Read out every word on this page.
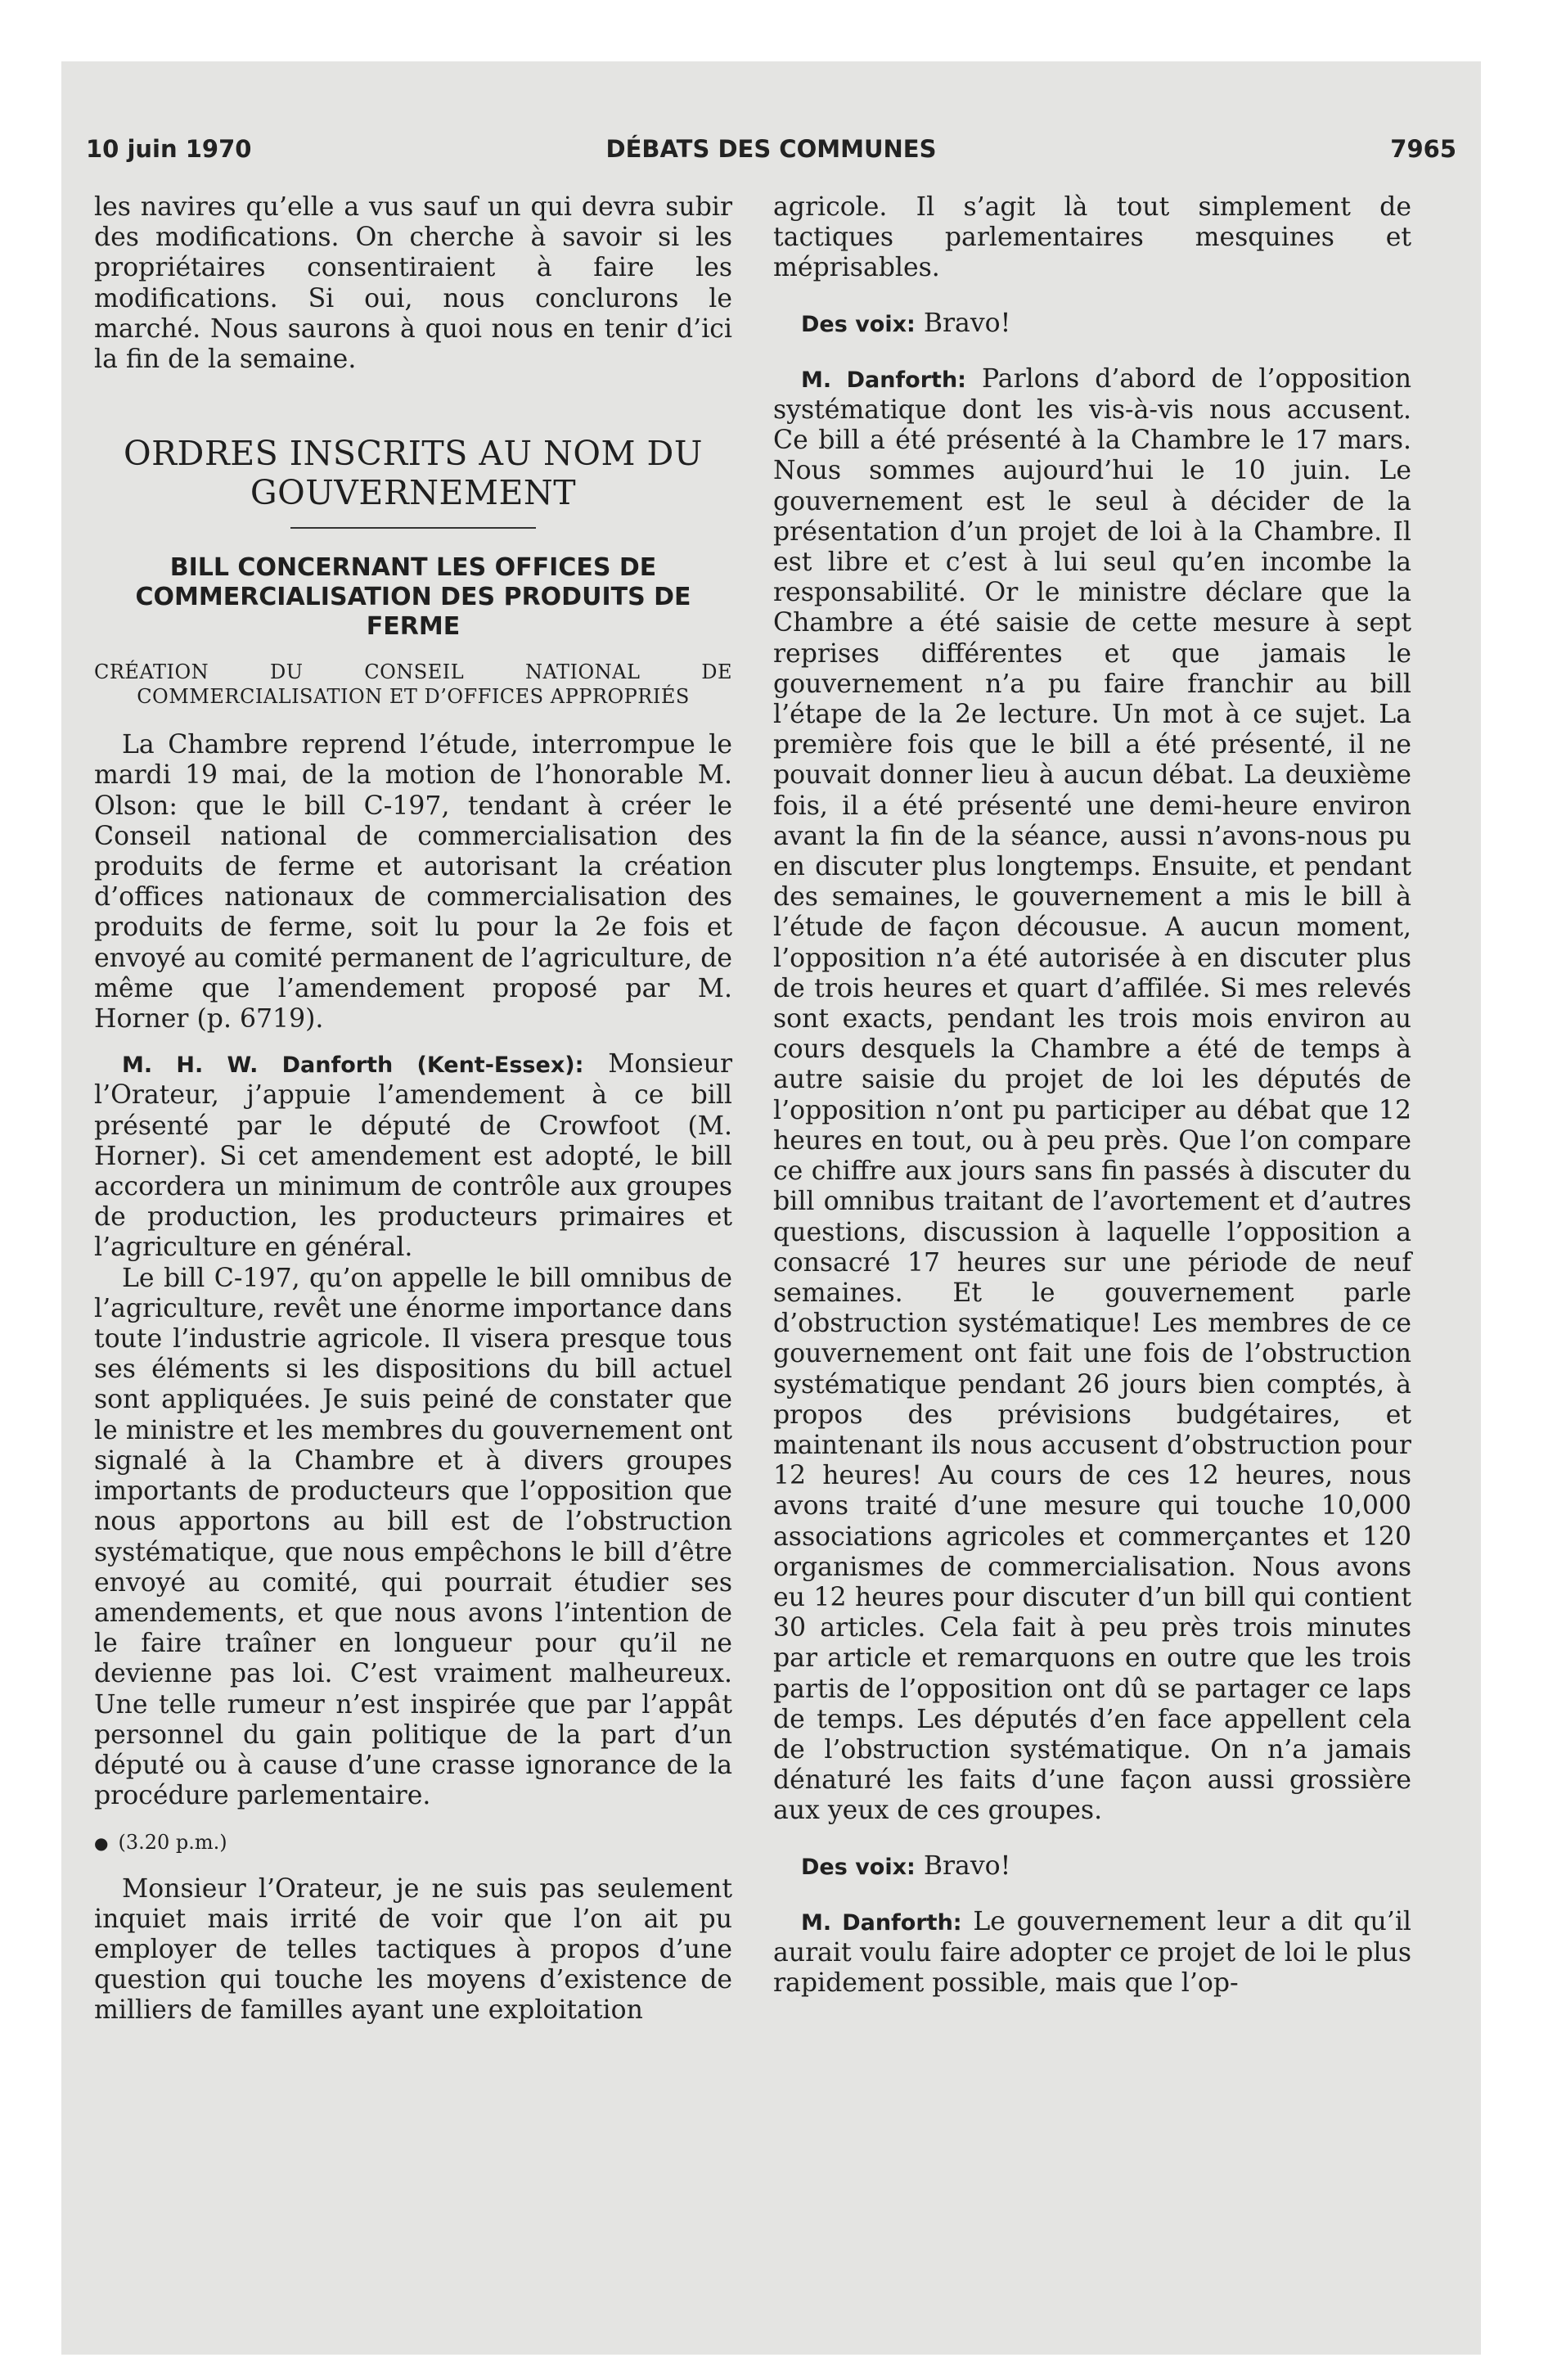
10 juin 1970	DÉBATS DES COMMUNES	7965

les navires qu’elle a vus sauf un qui devra subir des modifications. On cherche à savoir si les propriétaires consentiraient à faire les modifications. Si oui, nous conclurons le marché. Nous saurons à quoi nous en tenir d’ici la fin de la semaine.

ORDRES INSCRITS AU NOM DU GOUVERNEMENT
BILL CONCERNANT LES OFFICES DE COMMERCIALISATION DES PRODUITS DE FERME
CRÉATION DU CONSEIL NATIONAL DE COMMERCIALISATION ET D’OFFICES APPROPRIÉS

La Chambre reprend l’étude, interrompue le mardi 19 mai, de la motion de l’honorable M. Olson: que le bill C-197, tendant à créer le Conseil national de commercialisation des produits de ferme et autorisant la création d’offices nationaux de commercialisation des produits de ferme, soit lu pour la 2e fois et envoyé au comité permanent de l’agriculture, de même que l’amendement proposé par M. Horner (p. 6719).

M. H. W. Danforth (Kent-Essex): Monsieur l’Orateur, j’appuie l’amendement à ce bill présenté par le député de Crowfoot (M. Horner). Si cet amendement est adopté, le bill accordera un minimum de contrôle aux groupes de production, les producteurs primaires et l’agriculture en général.

Le bill C-197, qu’on appelle le bill omnibus de l’agriculture, revêt une énorme importance dans toute l’industrie agricole. Il visera presque tous ses éléments si les dispositions du bill actuel sont appliquées. Je suis peiné de constater que le ministre et les membres du gouvernement ont signalé à la Chambre et à divers groupes importants de producteurs que l’opposition que nous apportons au bill est de l’obstruction systématique, que nous empêchons le bill d’être envoyé au comité, qui pourrait étudier ses amendements, et que nous avons l’intention de le faire traîner en longueur pour qu’il ne devienne pas loi. C’est vraiment malheureux. Une telle rumeur n’est inspirée que par l’appât personnel du gain politique de la part d’un député ou à cause d’une crasse ignorance de la procédure parlementaire.

● (3.20 p.m.)

Monsieur l’Orateur, je ne suis pas seulement inquiet mais irrité de voir que l’on ait pu employer de telles tactiques à propos d’une question qui touche les moyens d’existence de milliers de familles ayant une exploitation

agricole. Il s’agit là tout simplement de tactiques parlementaires mesquines et méprisables.

Des voix: Bravo!

M. Danforth: Parlons d’abord de l’opposition systématique dont les vis-à-vis nous accusent. Ce bill a été présenté à la Chambre le 17 mars. Nous sommes aujourd’hui le 10 juin. Le gouvernement est le seul à décider de la présentation d’un projet de loi à la Chambre. Il est libre et c’est à lui seul qu’en incombe la responsabilité. Or le ministre déclare que la Chambre a été saisie de cette mesure à sept reprises différentes et que jamais le gouvernement n’a pu faire franchir au bill l’étape de la 2e lecture. Un mot à ce sujet. La première fois que le bill a été présenté, il ne pouvait donner lieu à aucun débat. La deuxième fois, il a été présenté une demi-heure environ avant la fin de la séance, aussi n’avons-nous pu en discuter plus longtemps. Ensuite, et pendant des semaines, le gouvernement a mis le bill à l’étude de façon décousue. A aucun moment, l’opposition n’a été autorisée à en discuter plus de trois heures et quart d’affilée. Si mes relevés sont exacts, pendant les trois mois environ au cours desquels la Chambre a été de temps à autre saisie du projet de loi les députés de l’opposition n’ont pu participer au débat que 12 heures en tout, ou à peu près. Que l’on compare ce chiffre aux jours sans fin passés à discuter du bill omnibus traitant de l’avortement et d’autres questions, discussion à laquelle l’opposition a consacré 17 heures sur une période de neuf semaines. Et le gouvernement parle d’obstruction systématique! Les membres de ce gouvernement ont fait une fois de l’obstruction systématique pendant 26 jours bien comptés, à propos des prévisions budgétaires, et maintenant ils nous accusent d’obstruction pour 12 heures! Au cours de ces 12 heures, nous avons traité d’une mesure qui touche 10,000 associations agricoles et commerçantes et 120 organismes de commercialisation. Nous avons eu 12 heures pour discuter d’un bill qui contient 30 articles. Cela fait à peu près trois minutes par article et remarquons en outre que les trois partis de l’opposition ont dû se partager ce laps de temps. Les députés d’en face appellent cela de l’obstruction systématique. On n’a jamais dénaturé les faits d’une façon aussi grossière aux yeux de ces groupes.

Des voix: Bravo!

M. Danforth: Le gouvernement leur a dit qu’il aurait voulu faire adopter ce projet de loi le plus rapidement possible, mais que l’op-
